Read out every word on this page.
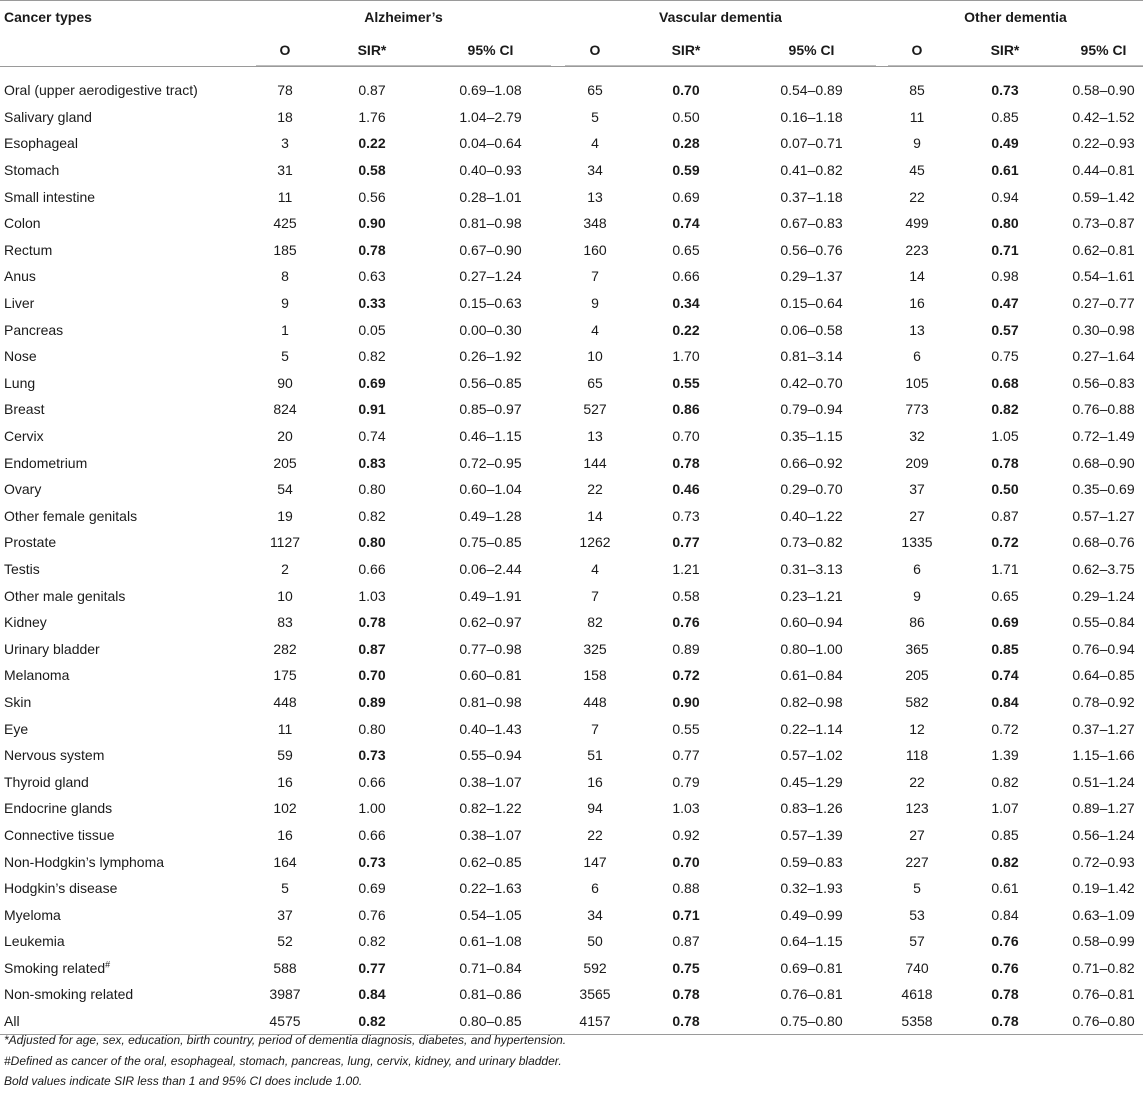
Cancer types	Alzheimer’s				Vascular dementia				Other dementia		
	O	SIR*	95% CI		O	SIR*	95% CI		O	SIR*	95% CI

Oral (upper aerodigestive tract)	78	0.87	0.69–1.08		65	0.70	0.54–0.89		85	0.73	0.58–0.90
Salivary gland	18	1.76	1.04–2.79		5	0.50	0.16–1.18		11	0.85	0.42–1.52
Esophageal	3	0.22	0.04–0.64		4	0.28	0.07–0.71		9	0.49	0.22–0.93
Stomach	31	0.58	0.40–0.93		34	0.59	0.41–0.82		45	0.61	0.44–0.81
Small intestine	11	0.56	0.28–1.01		13	0.69	0.37–1.18		22	0.94	0.59–1.42
Colon	425	0.90	0.81–0.98		348	0.74	0.67–0.83		499	0.80	0.73–0.87
Rectum	185	0.78	0.67–0.90		160	0.65	0.56–0.76		223	0.71	0.62–0.81
Anus	8	0.63	0.27–1.24		7	0.66	0.29–1.37		14	0.98	0.54–1.61
Liver	9	0.33	0.15–0.63		9	0.34	0.15–0.64		16	0.47	0.27–0.77
Pancreas	1	0.05	0.00–0.30		4	0.22	0.06–0.58		13	0.57	0.30–0.98
Nose	5	0.82	0.26–1.92		10	1.70	0.81–3.14		6	0.75	0.27–1.64
Lung	90	0.69	0.56–0.85		65	0.55	0.42–0.70		105	0.68	0.56–0.83
Breast	824	0.91	0.85–0.97		527	0.86	0.79–0.94		773	0.82	0.76–0.88
Cervix	20	0.74	0.46–1.15		13	0.70	0.35–1.15		32	1.05	0.72–1.49
Endometrium	205	0.83	0.72–0.95		144	0.78	0.66–0.92		209	0.78	0.68–0.90
Ovary	54	0.80	0.60–1.04		22	0.46	0.29–0.70		37	0.50	0.35–0.69
Other female genitals	19	0.82	0.49–1.28		14	0.73	0.40–1.22		27	0.87	0.57–1.27
Prostate	1127	0.80	0.75–0.85		1262	0.77	0.73–0.82		1335	0.72	0.68–0.76
Testis	2	0.66	0.06–2.44		4	1.21	0.31–3.13		6	1.71	0.62–3.75
Other male genitals	10	1.03	0.49–1.91		7	0.58	0.23–1.21		9	0.65	0.29–1.24
Kidney	83	0.78	0.62–0.97		82	0.76	0.60–0.94		86	0.69	0.55–0.84
Urinary bladder	282	0.87	0.77–0.98		325	0.89	0.80–1.00		365	0.85	0.76–0.94
Melanoma	175	0.70	0.60–0.81		158	0.72	0.61–0.84		205	0.74	0.64–0.85
Skin	448	0.89	0.81–0.98		448	0.90	0.82–0.98		582	0.84	0.78–0.92
Eye	11	0.80	0.40–1.43		7	0.55	0.22–1.14		12	0.72	0.37–1.27
Nervous system	59	0.73	0.55–0.94		51	0.77	0.57–1.02		118	1.39	1.15–1.66
Thyroid gland	16	0.66	0.38–1.07		16	0.79	0.45–1.29		22	0.82	0.51–1.24
Endocrine glands	102	1.00	0.82–1.22		94	1.03	0.83–1.26		123	1.07	0.89–1.27
Connective tissue	16	0.66	0.38–1.07		22	0.92	0.57–1.39		27	0.85	0.56–1.24
Non-Hodgkin’s lymphoma	164	0.73	0.62–0.85		147	0.70	0.59–0.83		227	0.82	0.72–0.93
Hodgkin’s disease	5	0.69	0.22–1.63		6	0.88	0.32–1.93		5	0.61	0.19–1.42
Myeloma	37	0.76	0.54–1.05		34	0.71	0.49–0.99		53	0.84	0.63–1.09
Leukemia	52	0.82	0.61–1.08		50	0.87	0.64–1.15		57	0.76	0.58–0.99
Smoking related#	588	0.77	0.71–0.84		592	0.75	0.69–0.81		740	0.76	0.71–0.82
Non-smoking related	3987	0.84	0.81–0.86		3565	0.78	0.76–0.81		4618	0.78	0.76–0.81
All	4575	0.82	0.80–0.85		4157	0.78	0.75–0.80		5358	0.78	0.76–0.80

*Adjusted for age, sex, education, birth country, period of dementia diagnosis, diabetes, and hypertension.
#Defined as cancer of the oral, esophageal, stomach, pancreas, lung, cervix, kidney, and urinary bladder.
Bold values indicate SIR less than 1 and 95% CI does include 1.00.
